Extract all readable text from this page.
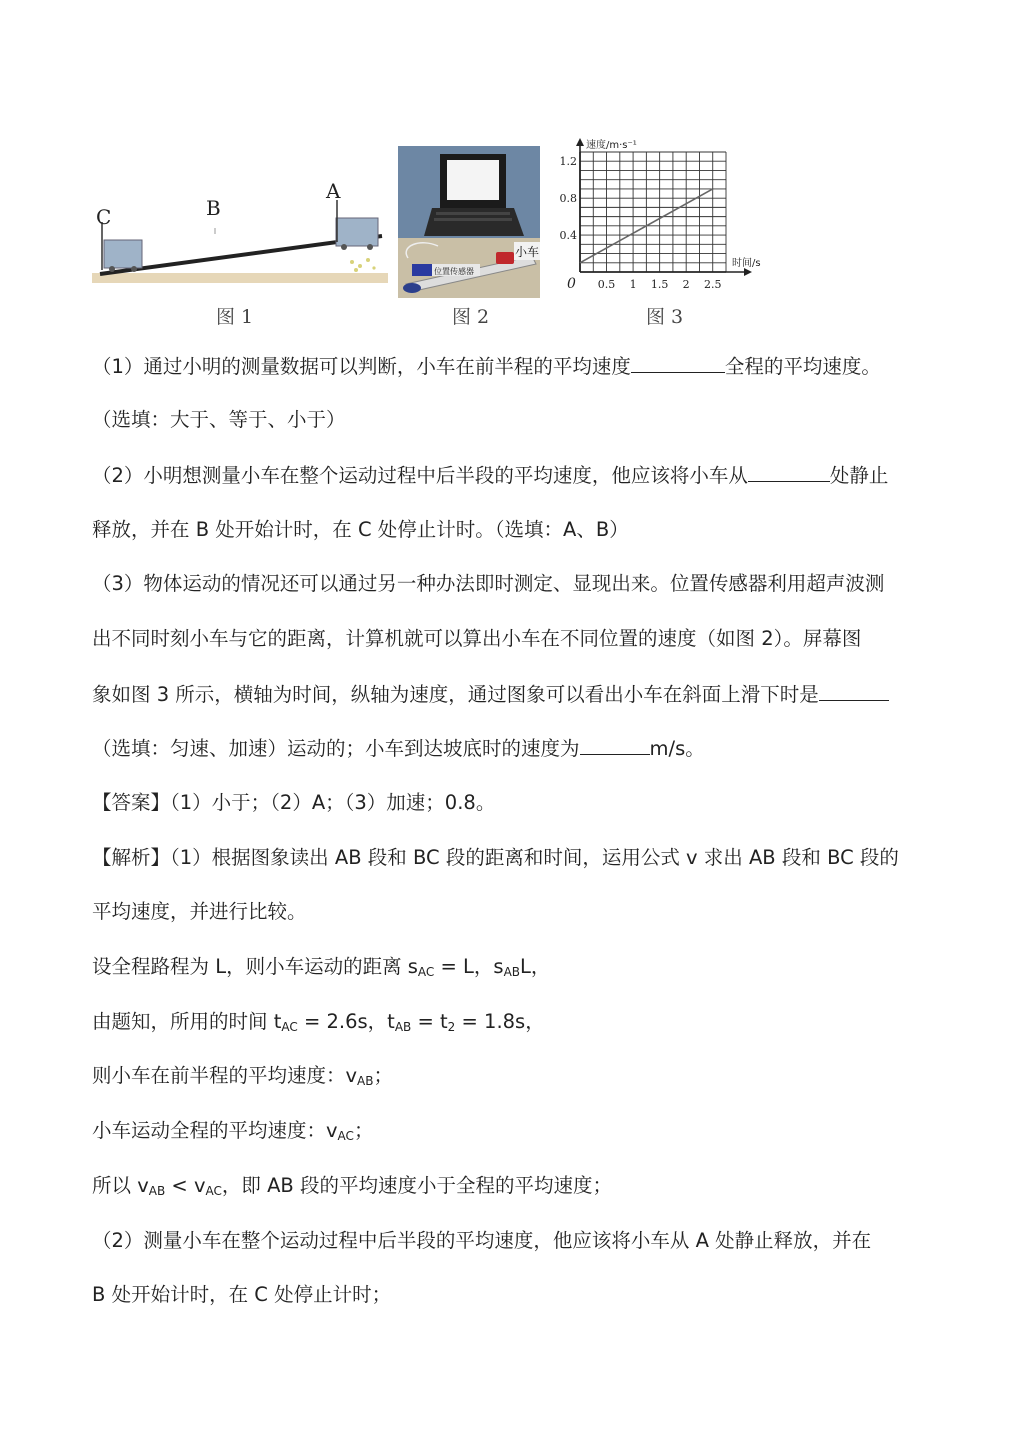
C	B
A
图 1
位置传感器
小车
图 2
速度/m·s⁻¹
时间/s
0
0.4
0.8
1.2
0.5 1 1.5 2 2.5
图 3
（1）通过小明的测量数据可以判断，小车在前半程的平均速度	全程的平均速度。
（选填：大于、等于、小于）
（2）小明想测量小车在整个运动过程中后半段的平均速度，他应该将小车从	处静止
释放，并在 B 处开始计时，在 C 处停止计时。（选填：A、B）
（3）物体运动的情况还可以通过另一种办法即时测定、显现出来。位置传感器利用超声波测
出不同时刻小车与它的距离，计算机就可以算出小车在不同位置的速度（如图 2）。屏幕图
象如图 3 所示，横轴为时间，纵轴为速度，通过图象可以看出小车在斜面上滑下时是
（选填：匀速、加速）运动的；小车到达坡底时的速度为	m/s。
【答案】（1）小于；（2）A；（3）加速；0.8。
【解析】（1）根据图象读出 AB 段和 BC 段的距离和时间，运用公式 v 求出 AB 段和 BC 段的
平均速度，并进行比较。
设全程路程为 L，则小车运动的距离 $s_{AC} = L$，$s_{AB}L$，
由题知，所用的时间 $t_{AC} = 2.6s$，$t_{AB} = t_2 = 1.8s$，
则小车在前半程的平均速度：$v_{AB}$；
小车运动全程的平均速度：$v_{AC}$；
所以 $v_{AB} < v_{AC}$，即 AB 段的平均速度小于全程的平均速度；
（2）测量小车在整个运动过程中后半段的平均速度，他应该将小车从 A 处静止释放，并在
B 处开始计时，在 C 处停止计时；
